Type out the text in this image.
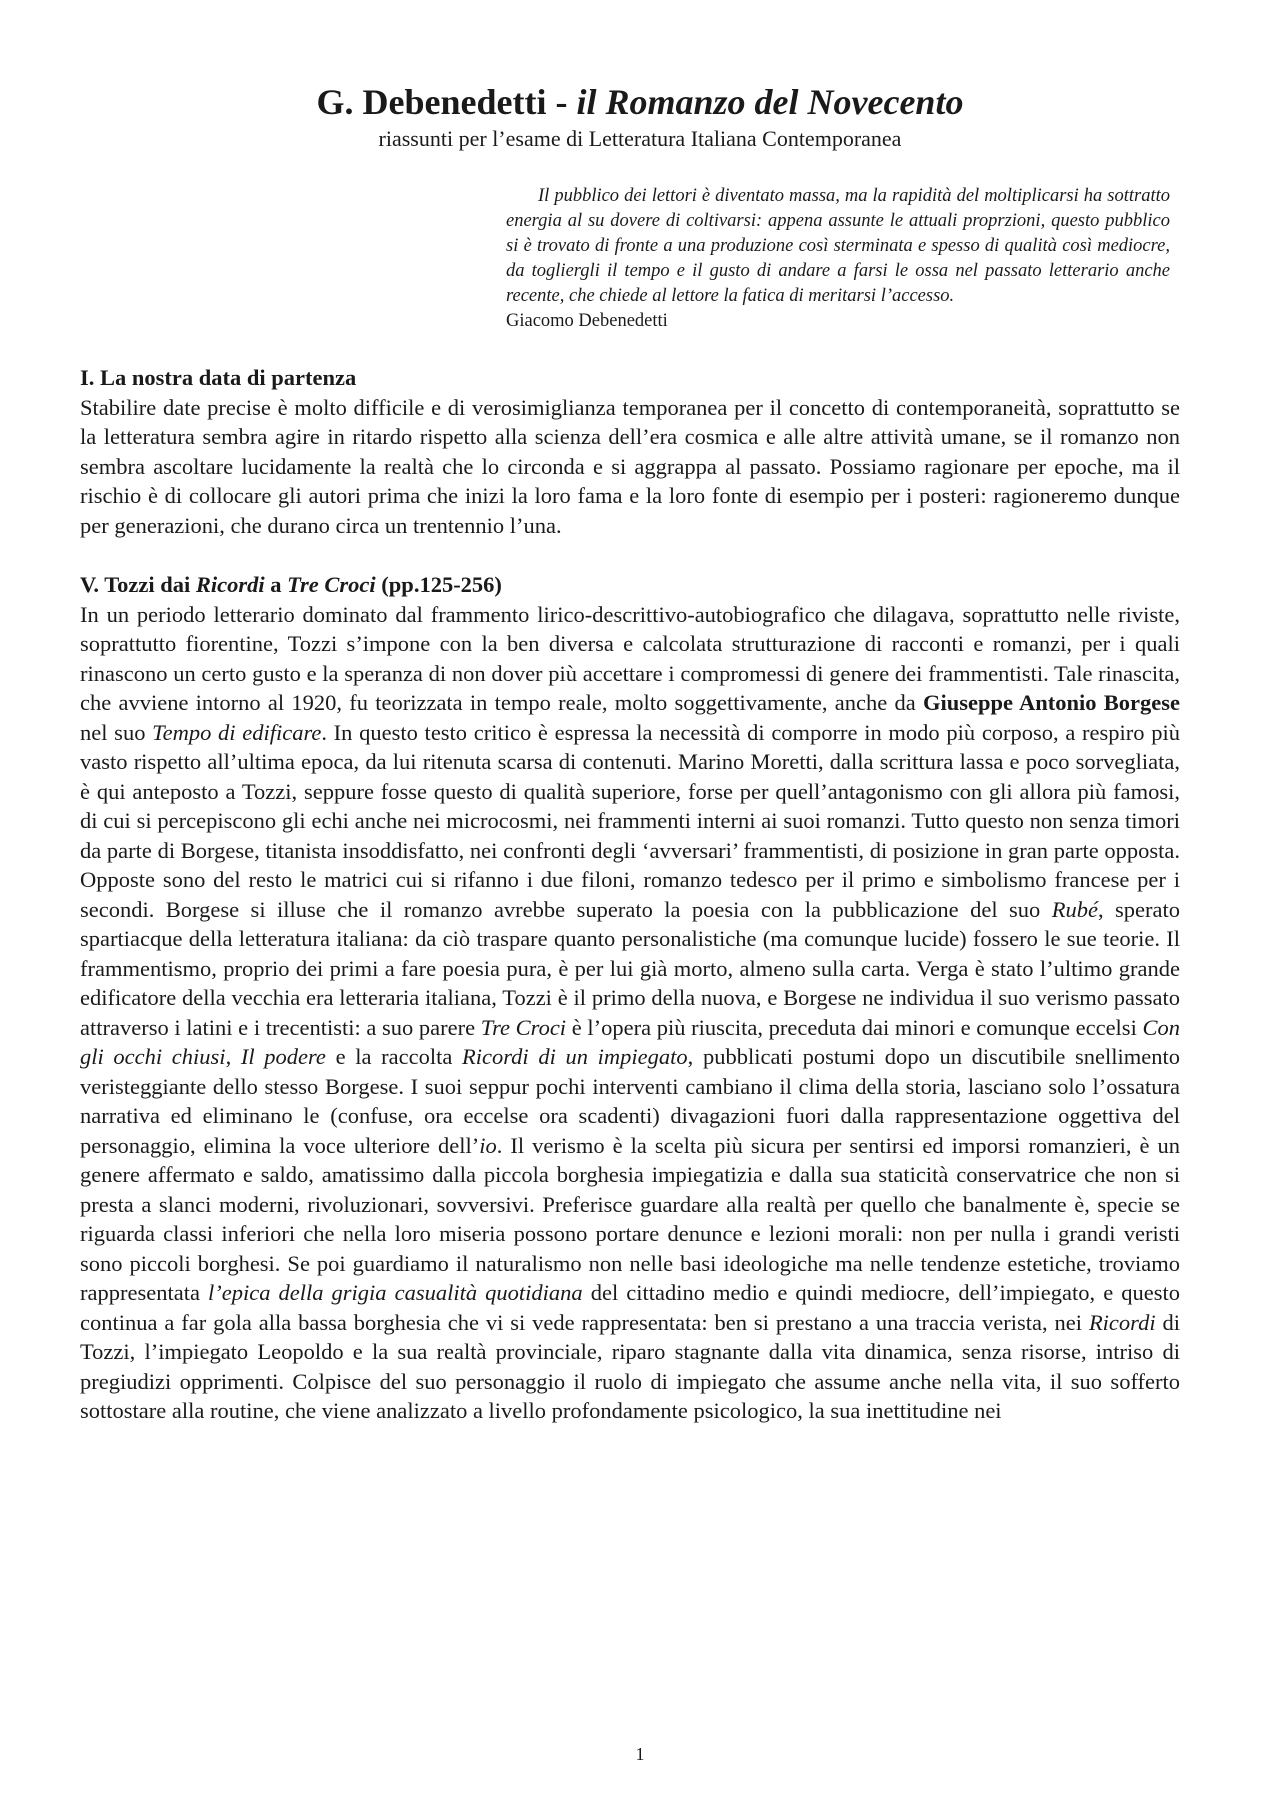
G. Debenedetti - il Romanzo del Novecento
riassunti per l’esame di Letteratura Italiana Contemporanea

Il pubblico dei lettori è diventato massa, ma la rapidità del moltiplicarsi ha sottratto energia al su dovere di coltivarsi: appena assunte le attuali proprzioni, questo pubblico si è trovato di fronte a una produzione così sterminata e spesso di qualità così mediocre, da togliergli il tempo e il gusto di andare a farsi le ossa nel passato letterario anche recente, che chiede al lettore la fatica di meritarsi l’accesso.

Giacomo Debenedetti

I. La nostra data di partenza

Stabilire date precise è molto difficile e di verosimiglianza temporanea per il concetto di contemporaneità, soprattutto se la letteratura sembra agire in ritardo rispetto alla scienza dell’era cosmica e alle altre attività umane, se il romanzo non sembra ascoltare lucidamente la realtà che lo circonda e si aggrappa al passato. Possiamo ragionare per epoche, ma il rischio è di collocare gli autori prima che inizi la loro fama e la loro fonte di esempio per i posteri: ragioneremo dunque per generazioni, che durano circa un trentennio l’una.

V. Tozzi dai Ricordi a Tre Croci (pp.125-256)

In un periodo letterario dominato dal frammento lirico-descrittivo-autobiografico che dilagava, soprattutto nelle riviste, soprattutto fiorentine, Tozzi s’impone con la ben diversa e calcolata strutturazione di racconti e romanzi, per i quali rinascono un certo gusto e la speranza di non dover più accettare i compromessi di genere dei frammentisti. Tale rinascita, che avviene intorno al 1920, fu teorizzata in tempo reale, molto soggettivamente, anche da Giuseppe Antonio Borgese nel suo Tempo di edificare. In questo testo critico è espressa la necessità di comporre in modo più corposo, a respiro più vasto rispetto all’ultima epoca, da lui ritenuta scarsa di contenuti. Marino Moretti, dalla scrittura lassa e poco sorvegliata, è qui anteposto a Tozzi, seppure fosse questo di qualità superiore, forse per quell’antagonismo con gli allora più famosi, di cui si percepiscono gli echi anche nei microcosmi, nei frammenti interni ai suoi romanzi. Tutto questo non senza timori da parte di Borgese, titanista insoddisfatto, nei confronti degli ‘avversari’ frammentisti, di posizione in gran parte opposta. Opposte sono del resto le matrici cui si rifanno i due filoni, romanzo tedesco per il primo e simbolismo francese per i secondi. Borgese si illuse che il romanzo avrebbe superato la poesia con la pubblicazione del suo Rubé, sperato spartiacque della letteratura italiana: da ciò traspare quanto personalistiche (ma comunque lucide) fossero le sue teorie. Il frammentismo, proprio dei primi a fare poesia pura, è per lui già morto, almeno sulla carta. Verga è stato l’ultimo grande edificatore della vecchia era letteraria italiana, Tozzi è il primo della nuova, e Borgese ne individua il suo verismo passato attraverso i latini e i trecentisti: a suo parere Tre Croci è l’opera più riuscita, preceduta dai minori e comunque eccelsi Con gli occhi chiusi, Il podere e la raccolta Ricordi di un impiegato, pubblicati postumi dopo un discutibile snellimento veristeggiante dello stesso Borgese. I suoi seppur pochi interventi cambiano il clima della storia, lasciano solo l’ossatura narrativa ed eliminano le (confuse, ora eccelse ora scadenti) divagazioni fuori dalla rappresentazione oggettiva del personaggio, elimina la voce ulteriore dell’io. Il verismo è la scelta più sicura per sentirsi ed imporsi romanzieri, è un genere affermato e saldo, amatissimo dalla piccola borghesia impiegatizia e dalla sua staticità conservatrice che non si presta a slanci moderni, rivoluzionari, sovversivi. Preferisce guardare alla realtà per quello che banalmente è, specie se riguarda classi inferiori che nella loro miseria possono portare denunce e lezioni morali: non per nulla i grandi veristi sono piccoli borghesi. Se poi guardiamo il naturalismo non nelle basi ideologiche ma nelle tendenze estetiche, troviamo rappresentata l’epica della grigia casualità quotidiana del cittadino medio e quindi mediocre, dell’impiegato, e questo continua a far gola alla bassa borghesia che vi si vede rappresentata: ben si prestano a una traccia verista, nei Ricordi di Tozzi, l’impiegato Leopoldo e la sua realtà provinciale, riparo stagnante dalla vita dinamica, senza risorse, intriso di pregiudizi opprimenti. Colpisce del suo personaggio il ruolo di impiegato che assume anche nella vita, il suo sofferto sottostare alla routine, che viene analizzato a livello profondamente psicologico, la sua inettitudine nei

1
